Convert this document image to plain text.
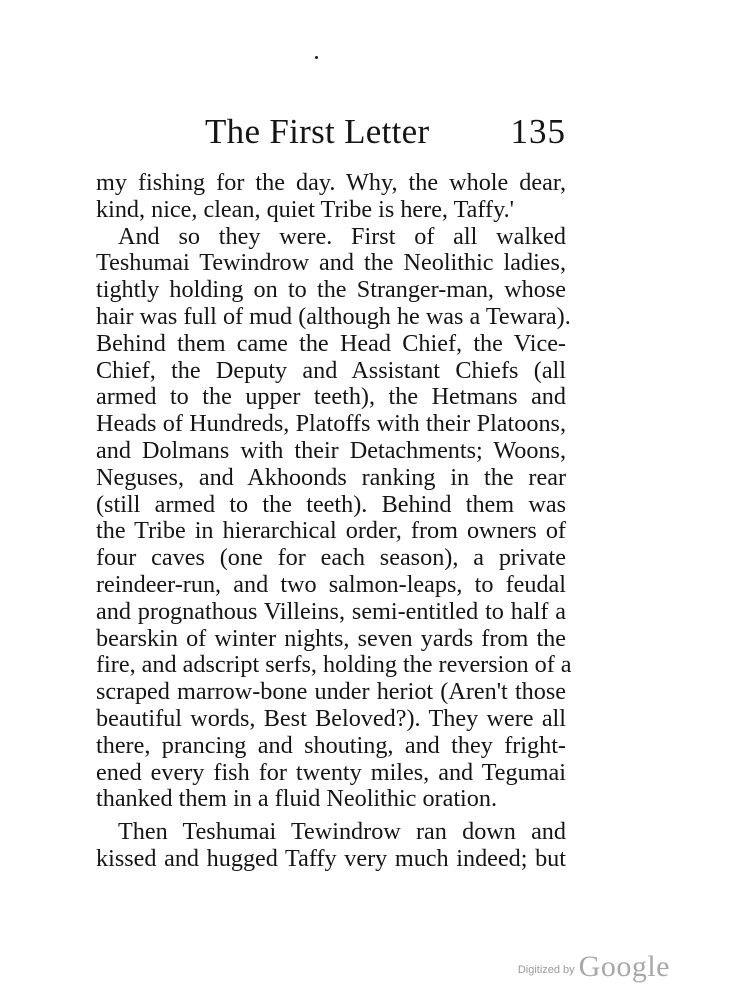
The First Letter 135
my fishing for the day. Why, the whole dear,
kind, nice, clean, quiet Tribe is here, Taffy.'
And so they were. First of all walked
Teshumai Tewindrow and the Neolithic ladies,
tightly holding on to the Stranger-man, whose
hair was full of mud (although he was a Tewara).
Behind them came the Head Chief, the Vice-
Chief, the Deputy and Assistant Chiefs (all
armed to the upper teeth), the Hetmans and
Heads of Hundreds, Platoffs with their Platoons,
and Dolmans with their Detachments; Woons,
Neguses, and Akhoonds ranking in the rear
(still armed to the teeth). Behind them was
the Tribe in hierarchical order, from owners of
four caves (one for each season), a private
reindeer-run, and two salmon-leaps, to feudal
and prognathous Villeins, semi-entitled to half a
bearskin of winter nights, seven yards from the
fire, and adscript serfs, holding the reversion of a
scraped marrow-bone under heriot (Aren't those
beautiful words, Best Beloved?). They were all
there, prancing and shouting, and they fright-
ened every fish for twenty miles, and Tegumai
thanked them in a fluid Neolithic oration.
Then Teshumai Tewindrow ran down and
kissed and hugged Taffy very much indeed; but
Digitized by Google
